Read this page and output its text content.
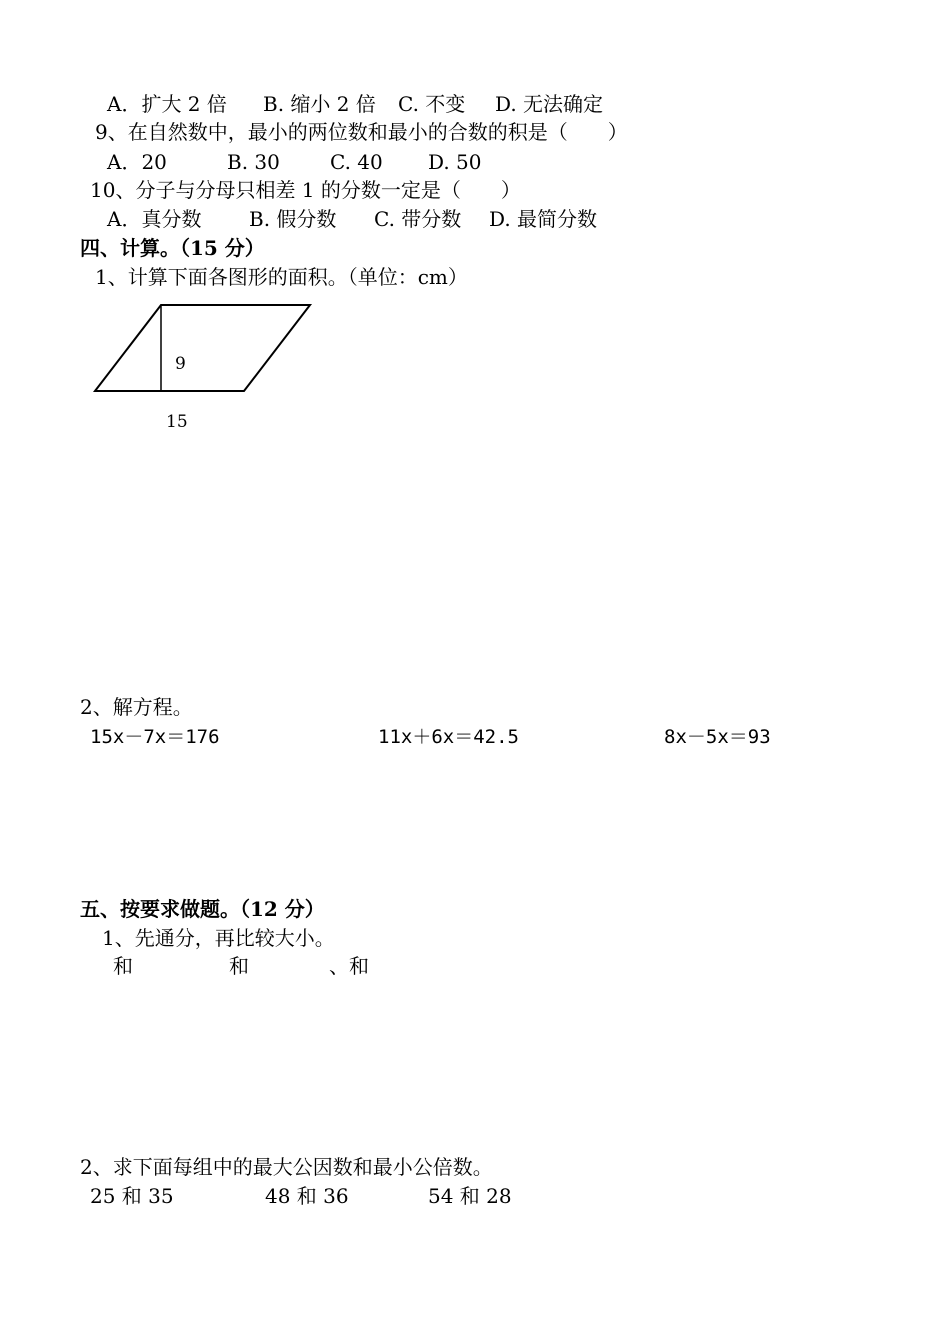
A．扩大 2 倍 B. 缩小 2 倍 C. 不变 D. 无法确定
9、在自然数中，最小的两位数和最小的合数的积是（　　）
A．20	B. 30	C. 40 D. 50
10、分子与分母只相差 1 的分数一定是（　　）
A．真分数 B. 假分数 C. 带分数 D. 最简分数
四、计算。（15 分）
1、计算下面各图形的面积。（单位：cm）
9
15
2、解方程。
15x－7x＝176	11x＋6x＝42.5	8x－5x＝93
五、按要求做题。（12 分）
1、先通分，再比较大小。
和	和	、和
2、求下面每组中的最大公因数和最小公倍数。
25 和 35	48 和 36	54 和 28
